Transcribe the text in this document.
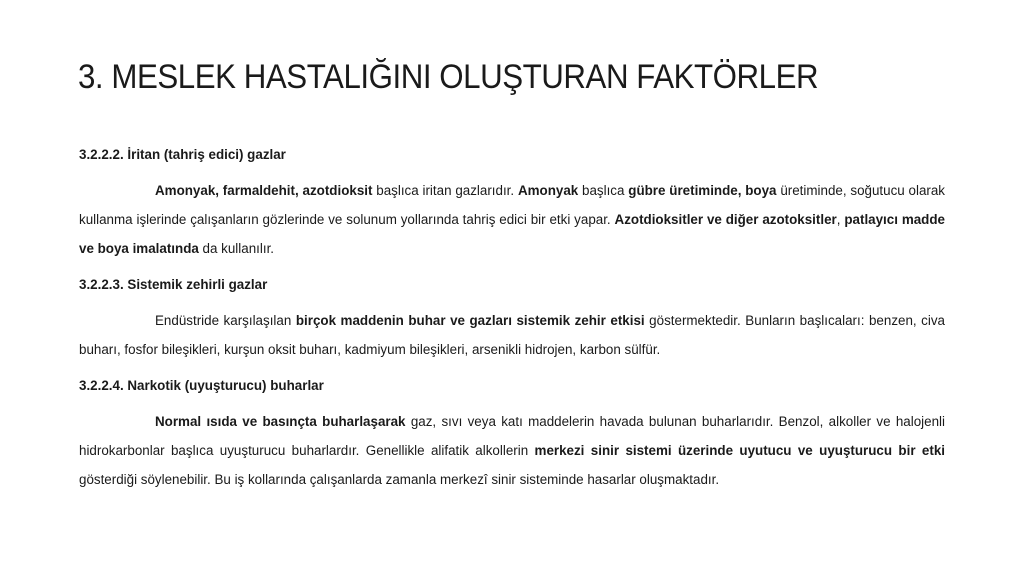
3. MESLEK HASTALIĞINI OLUŞTURAN FAKTÖRLER

3.2.2.2. İritan (tahriş edici) gazlar

Amonyak, farmaldehit, azotdioksit başlıca iritan gazlarıdır. Amonyak başlıca gübre üretiminde, boya üretiminde, soğutucu olarak kullanma işlerinde çalışanların gözlerinde ve solunum yollarında tahriş edici bir etki yapar. Azotdioksitler ve diğer azotoksitler, patlayıcı madde ve boya imalatında da kullanılır.

3.2.2.3. Sistemik zehirli gazlar

Endüstride karşılaşılan birçok maddenin buhar ve gazları sistemik zehir etkisi göstermektedir. Bunların başlıcaları: benzen, civa buharı, fosfor bileşikleri, kurşun oksit buharı, kadmiyum bileşikleri, arsenikli hidrojen, karbon sülfür.

3.2.2.4. Narkotik (uyuşturucu) buharlar

Normal ısıda ve basınçta buharlaşarak gaz, sıvı veya katı maddelerin havada bulunan buharlarıdır. Benzol, alkoller ve halojenli hidrokarbonlar başlıca uyuşturucu buharlardır. Genellikle alifatik alkollerin merkezi sinir sistemi üzerinde uyutucu ve uyuşturucu bir etki gösterdiği söylenebilir. Bu iş kollarında çalışanlarda zamanla merkezî sinir sisteminde hasarlar oluşmaktadır.
